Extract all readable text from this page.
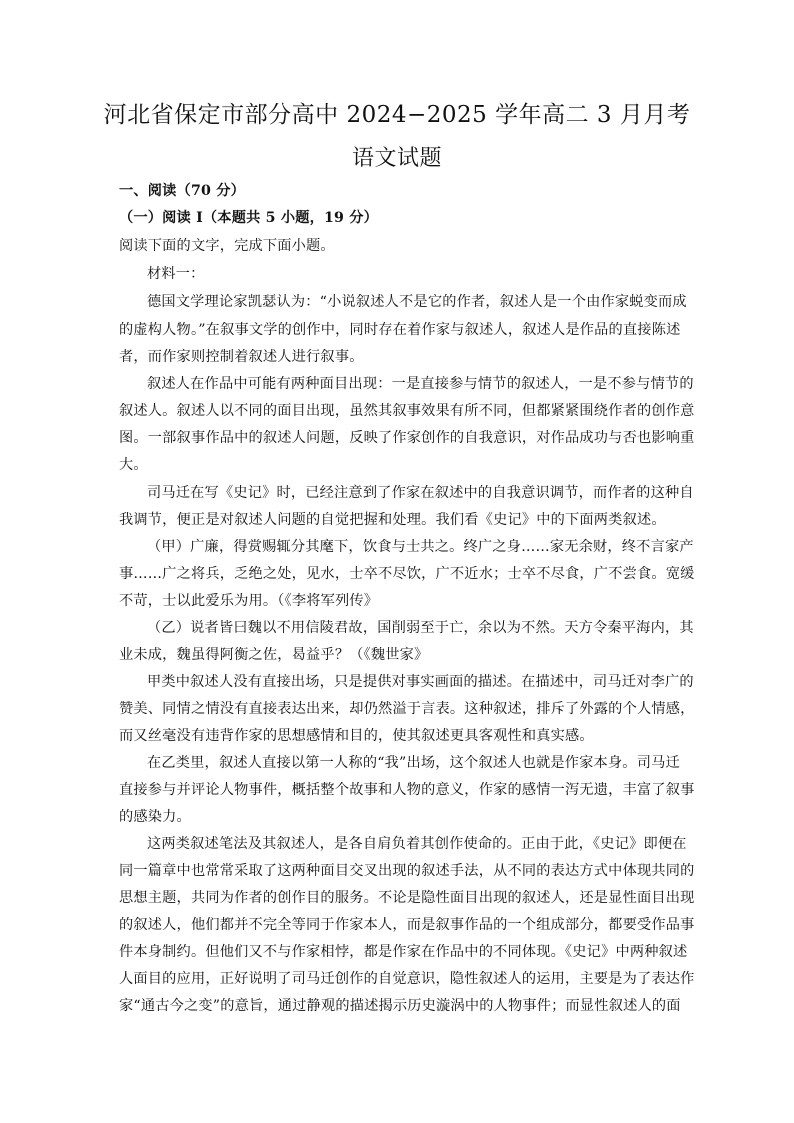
河北省保定市部分高中 2024−2025 学年高二 3 月月考
语文试题
一、阅读（70 分）
（一）阅读 I（本题共 5 小题，19 分）
阅读下面的文字，完成下面小题。
材料一：
德国文学理论家凯瑟认为：“小说叙述人不是它的作者，叙述人是一个由作家蜕变而成
的虚构人物。”在叙事文学的创作中，同时存在着作家与叙述人，叙述人是作品的直接陈述
者，而作家则控制着叙述人进行叙事。
叙述人在作品中可能有两种面目出现：一是直接参与情节的叙述人，一是不参与情节的
叙述人。叙述人以不同的面目出现，虽然其叙事效果有所不同，但都紧紧围绕作者的创作意
图。一部叙事作品中的叙述人问题，反映了作家创作的自我意识，对作品成功与否也影响重
大。
司马迁在写《史记》时，已经注意到了作家在叙述中的自我意识调节，而作者的这种自
我调节，便正是对叙述人问题的自觉把握和处理。我们看《史记》中的下面两类叙述。
（甲）广廉，得赏赐辄分其麾下，饮食与士共之。终广之身……家无余财，终不言家产
事……广之将兵，乏绝之处，见水，士卒不尽饮，广不近水；士卒不尽食，广不尝食。宽缓
不苛，士以此爱乐为用。（《李将军列传》
（乙）说者皆曰魏以不用信陵君故，国削弱至于亡，余以为不然。天方令秦平海内，其
业未成，魏虽得阿衡之佐，曷益乎？（《魏世家》
甲类中叙述人没有直接出场，只是提供对事实画面的描述。在描述中，司马迁对李广的
赞美、同情之情没有直接表达出来，却仍然溢于言表。这种叙述，排斥了外露的个人情感，
而又丝毫没有违背作家的思想感情和目的，使其叙述更具客观性和真实感。
在乙类里，叙述人直接以第一人称的“我”出场，这个叙述人也就是作家本身。司马迁
直接参与并评论人物事件，概括整个故事和人物的意义，作家的感情一泻无遗，丰富了叙事
的感染力。
这两类叙述笔法及其叙述人，是各自肩负着其创作使命的。正由于此，《史记》即便在
同一篇章中也常常采取了这两种面目交叉出现的叙述手法，从不同的表达方式中体现共同的
思想主题，共同为作者的创作目的服务。不论是隐性面目出现的叙述人，还是显性面目出现
的叙述人，他们都并不完全等同于作家本人，而是叙事作品的一个组成部分，都要受作品事
件本身制约。但他们又不与作家相悖，都是作家在作品中的不同体现。《史记》中两种叙述
人面目的应用，正好说明了司马迁创作的自觉意识，隐性叙述人的运用，主要是为了表达作
家“通古今之变”的意旨，通过静观的描述揭示历史漩涡中的人物事件；而显性叙述人的面
